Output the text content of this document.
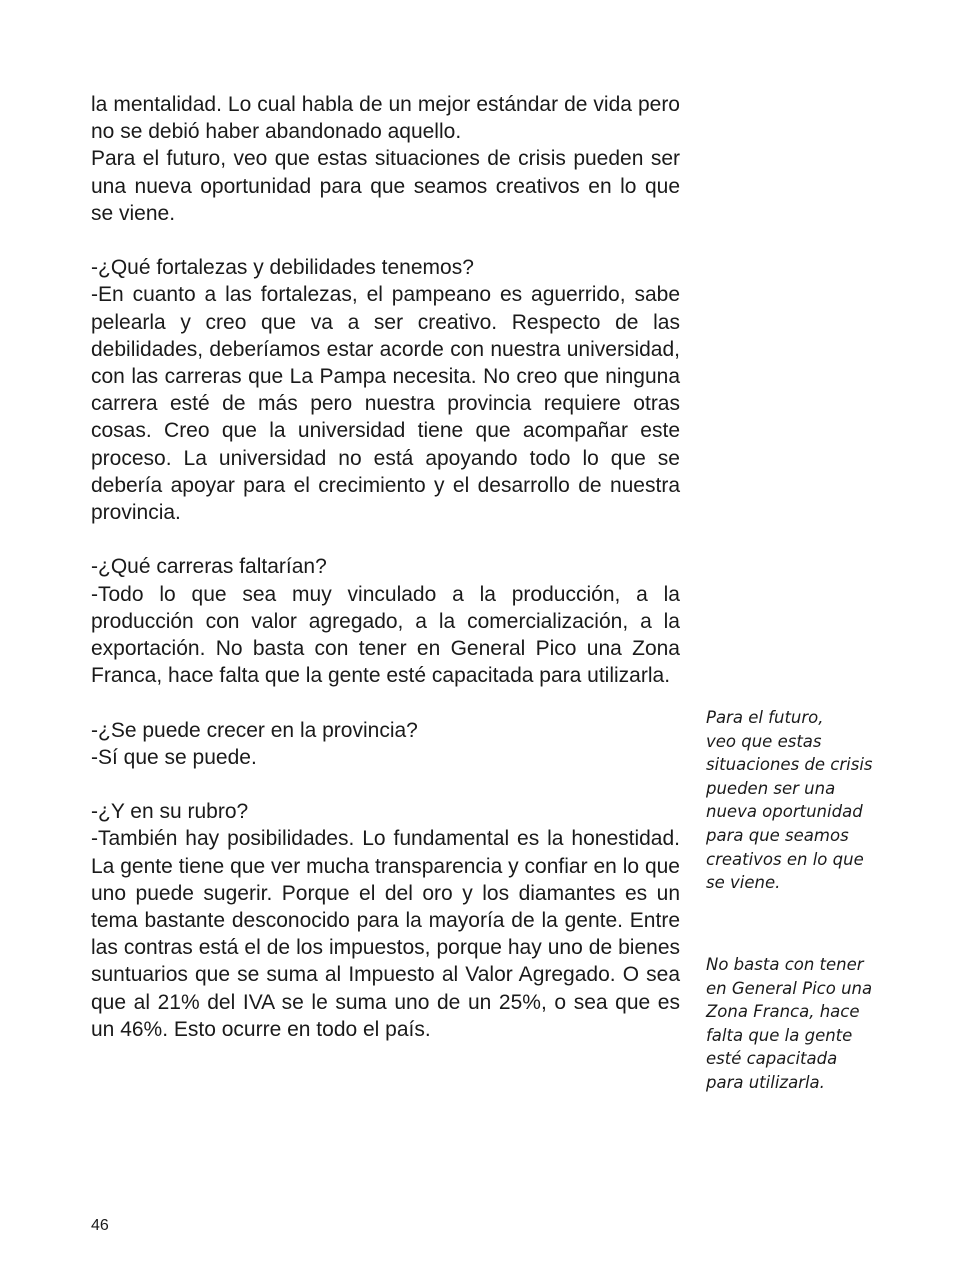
la mentalidad. Lo cual habla de un mejor estándar de vida pero no se debió haber abandonado aquello.

Para el futuro, veo que estas situaciones de crisis pueden ser una nueva oportunidad para que seamos creativos en lo que se viene.

-¿Qué fortalezas y debilidades tenemos?

-En cuanto a las fortalezas, el pampeano es aguerrido, sabe pelearla y creo que va a ser creativo. Respecto de las debilidades, deberíamos estar acorde con nuestra universidad, con las carreras que La Pampa necesita. No creo que ninguna carrera esté de más pero nuestra provincia requiere otras cosas. Creo que la universidad tiene que acompañar este proceso. La universidad no está apoyando todo lo que se debería apoyar para el crecimiento y el desarrollo de nuestra provincia.

-¿Qué carreras faltarían?

-Todo lo que sea muy vinculado a la producción, a la producción con valor agregado, a la comercialización, a la exportación. No basta con tener en General Pico una Zona Franca, hace falta que la gente esté capacitada para utilizarla.

-¿Se puede crecer en la provincia?

-Sí que se puede.

-¿Y en su rubro?

-También hay posibilidades. Lo fundamental es la honestidad. La gente tiene que ver mucha transparencia y confiar en lo que uno puede sugerir. Porque el del oro y los diamantes es un tema bastante desconocido para la mayoría de la gente. Entre las contras está el de los impuestos, porque hay uno de bienes suntuarios que se suma al Impuesto al Valor Agregado. O sea que al 21% del IVA se le suma uno de un 25%, o sea que es un 46%. Esto ocurre en todo el país.

Para el futuro,
veo que estas
situaciones de crisis
pueden ser una
nueva oportunidad
para que seamos
creativos en lo que
se viene.
No basta con tener
en General Pico una
Zona Franca, hace
falta que la gente
esté capacitada
para utilizarla.
46
